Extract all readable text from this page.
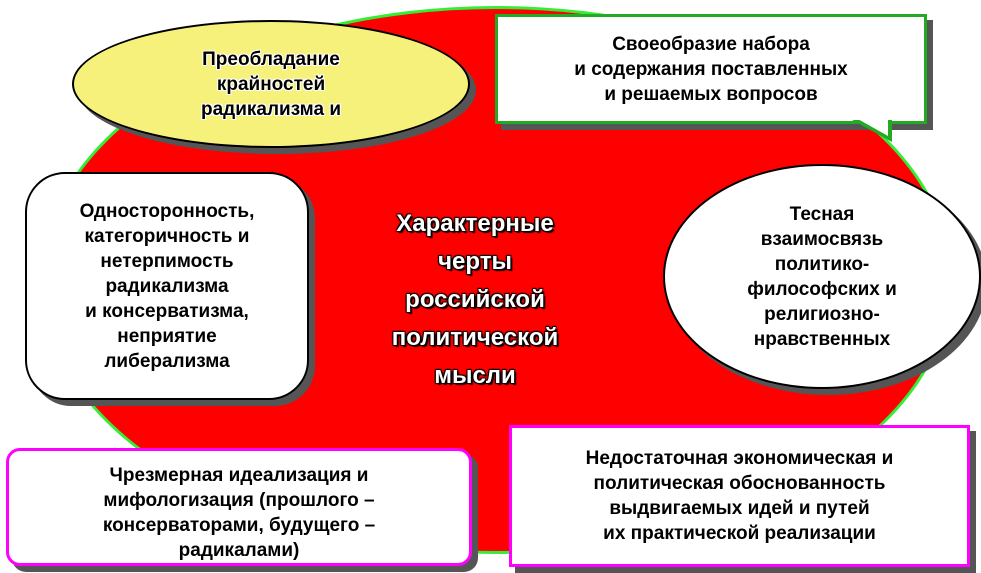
Характерные
черты
российской
политической
мысли
Преобладание
крайностей
радикализма и
Своеобразие набора
и содержания поставленных
и решаемых вопросов
Односторонность,
категоричность и
нетерпимость
радикализма
и консерватизма,
неприятие
либерализма
Тесная
взаимосвязь
политико-
философских и
религиозно-
нравственных
Чрезмерная идеализация и
мифологизация (прошлого –
консерваторами, будущего –
радикалами)
Недостаточная экономическая и
политическая обоснованность
выдвигаемых идей и путей
их практической реализации
